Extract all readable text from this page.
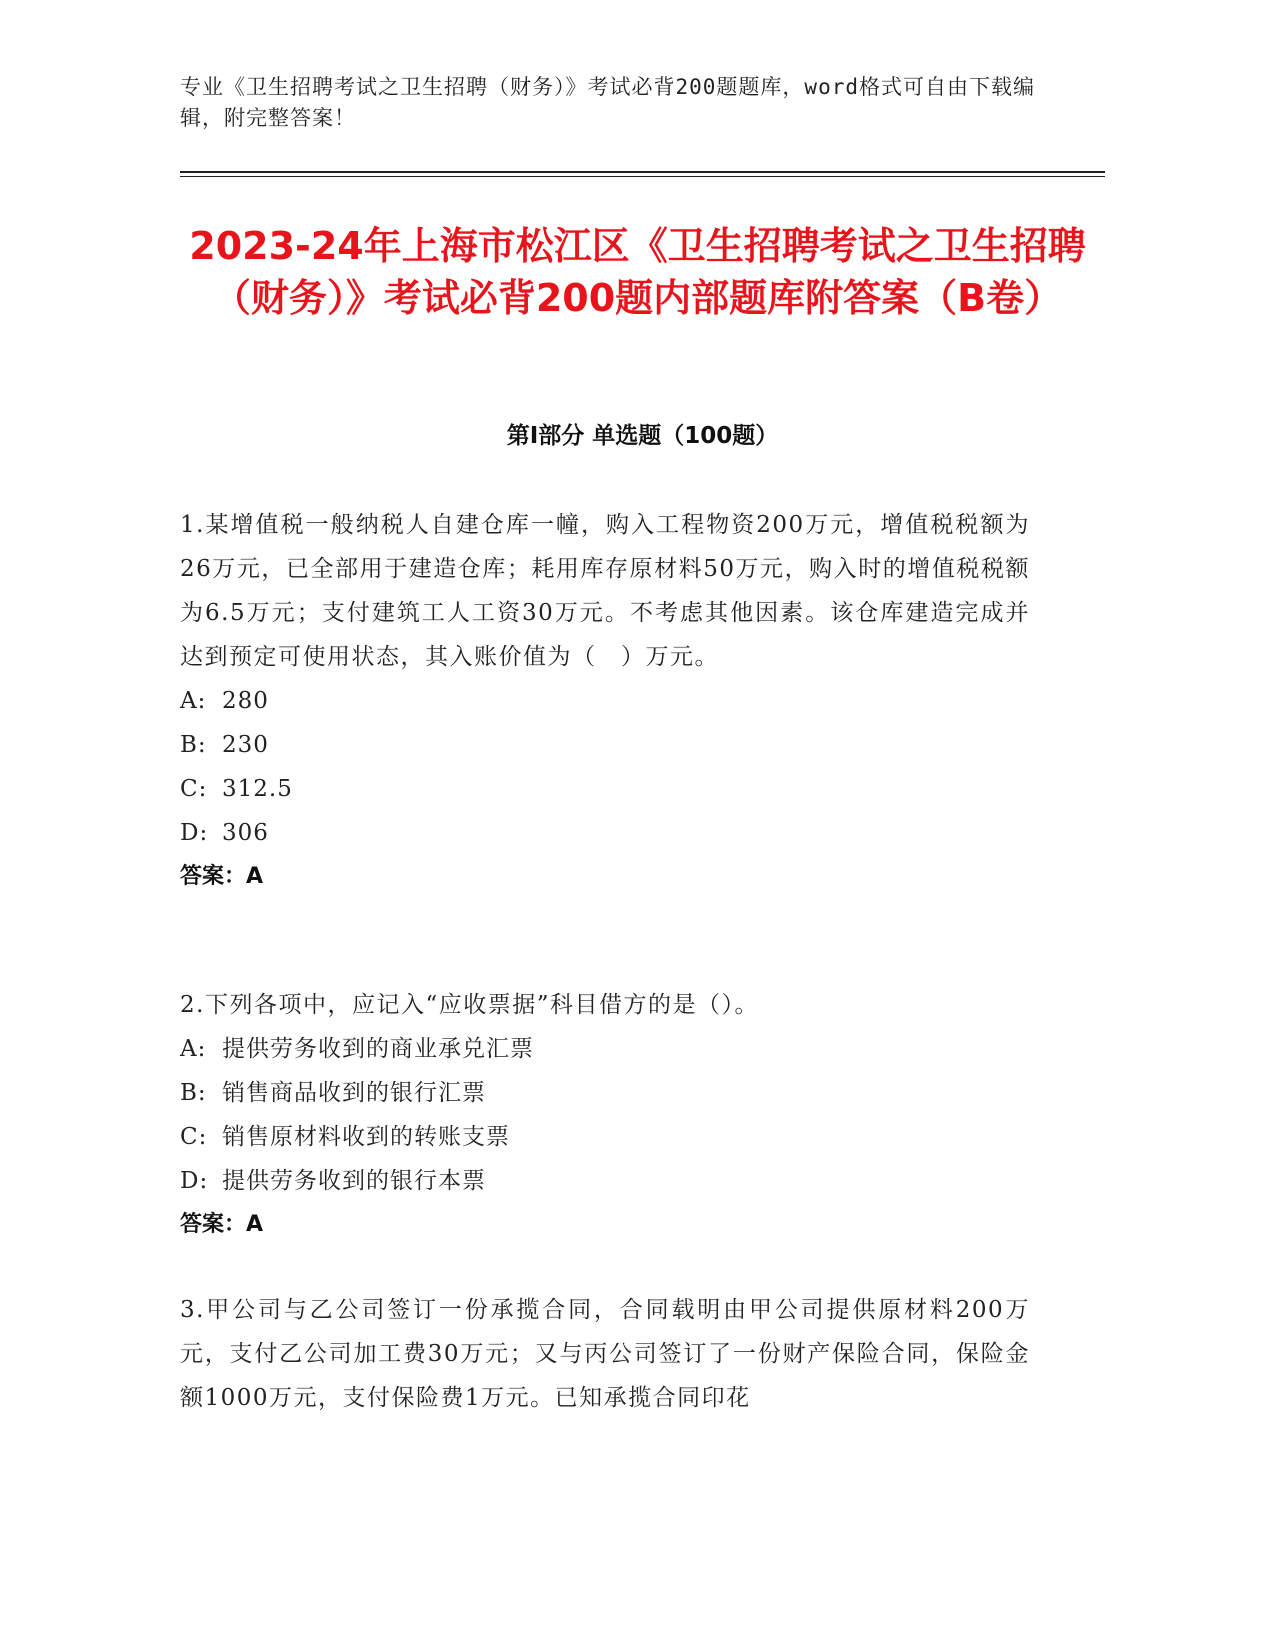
专业《卫生招聘考试之卫生招聘（财务）》考试必背200题题库，word格式可自由下载编辑，附完整答案！
2023-24年上海市松江区《卫生招聘考试之卫生招聘（财务）》考试必背200题内部题库附答案（B卷）
第Ⅰ部分 单选题（100题）
1.某增值税一般纳税人自建仓库一幢，购入工程物资200万元，增值税税额为26万元，已全部用于建造仓库；耗用库存原材料50万元，购入时的增值税税额为6.5万元；支付建筑工人工资30万元。不考虑其他因素。该仓库建造完成并达到预定可使用状态，其入账价值为（　）万元。
A: 280
B: 230
C: 312.5
D: 306
答案：A
2.下列各项中，应记入“应收票据”科目借方的是（）。
A: 提供劳务收到的商业承兑汇票
B: 销售商品收到的银行汇票
C: 销售原材料收到的转账支票
D: 提供劳务收到的银行本票
答案：A
3.甲公司与乙公司签订一份承揽合同，合同载明由甲公司提供原材料200万元，支付乙公司加工费30万元；又与丙公司签订了一份财产保险合同，保险金额1000万元，支付保险费1万元。已知承揽合同印花
